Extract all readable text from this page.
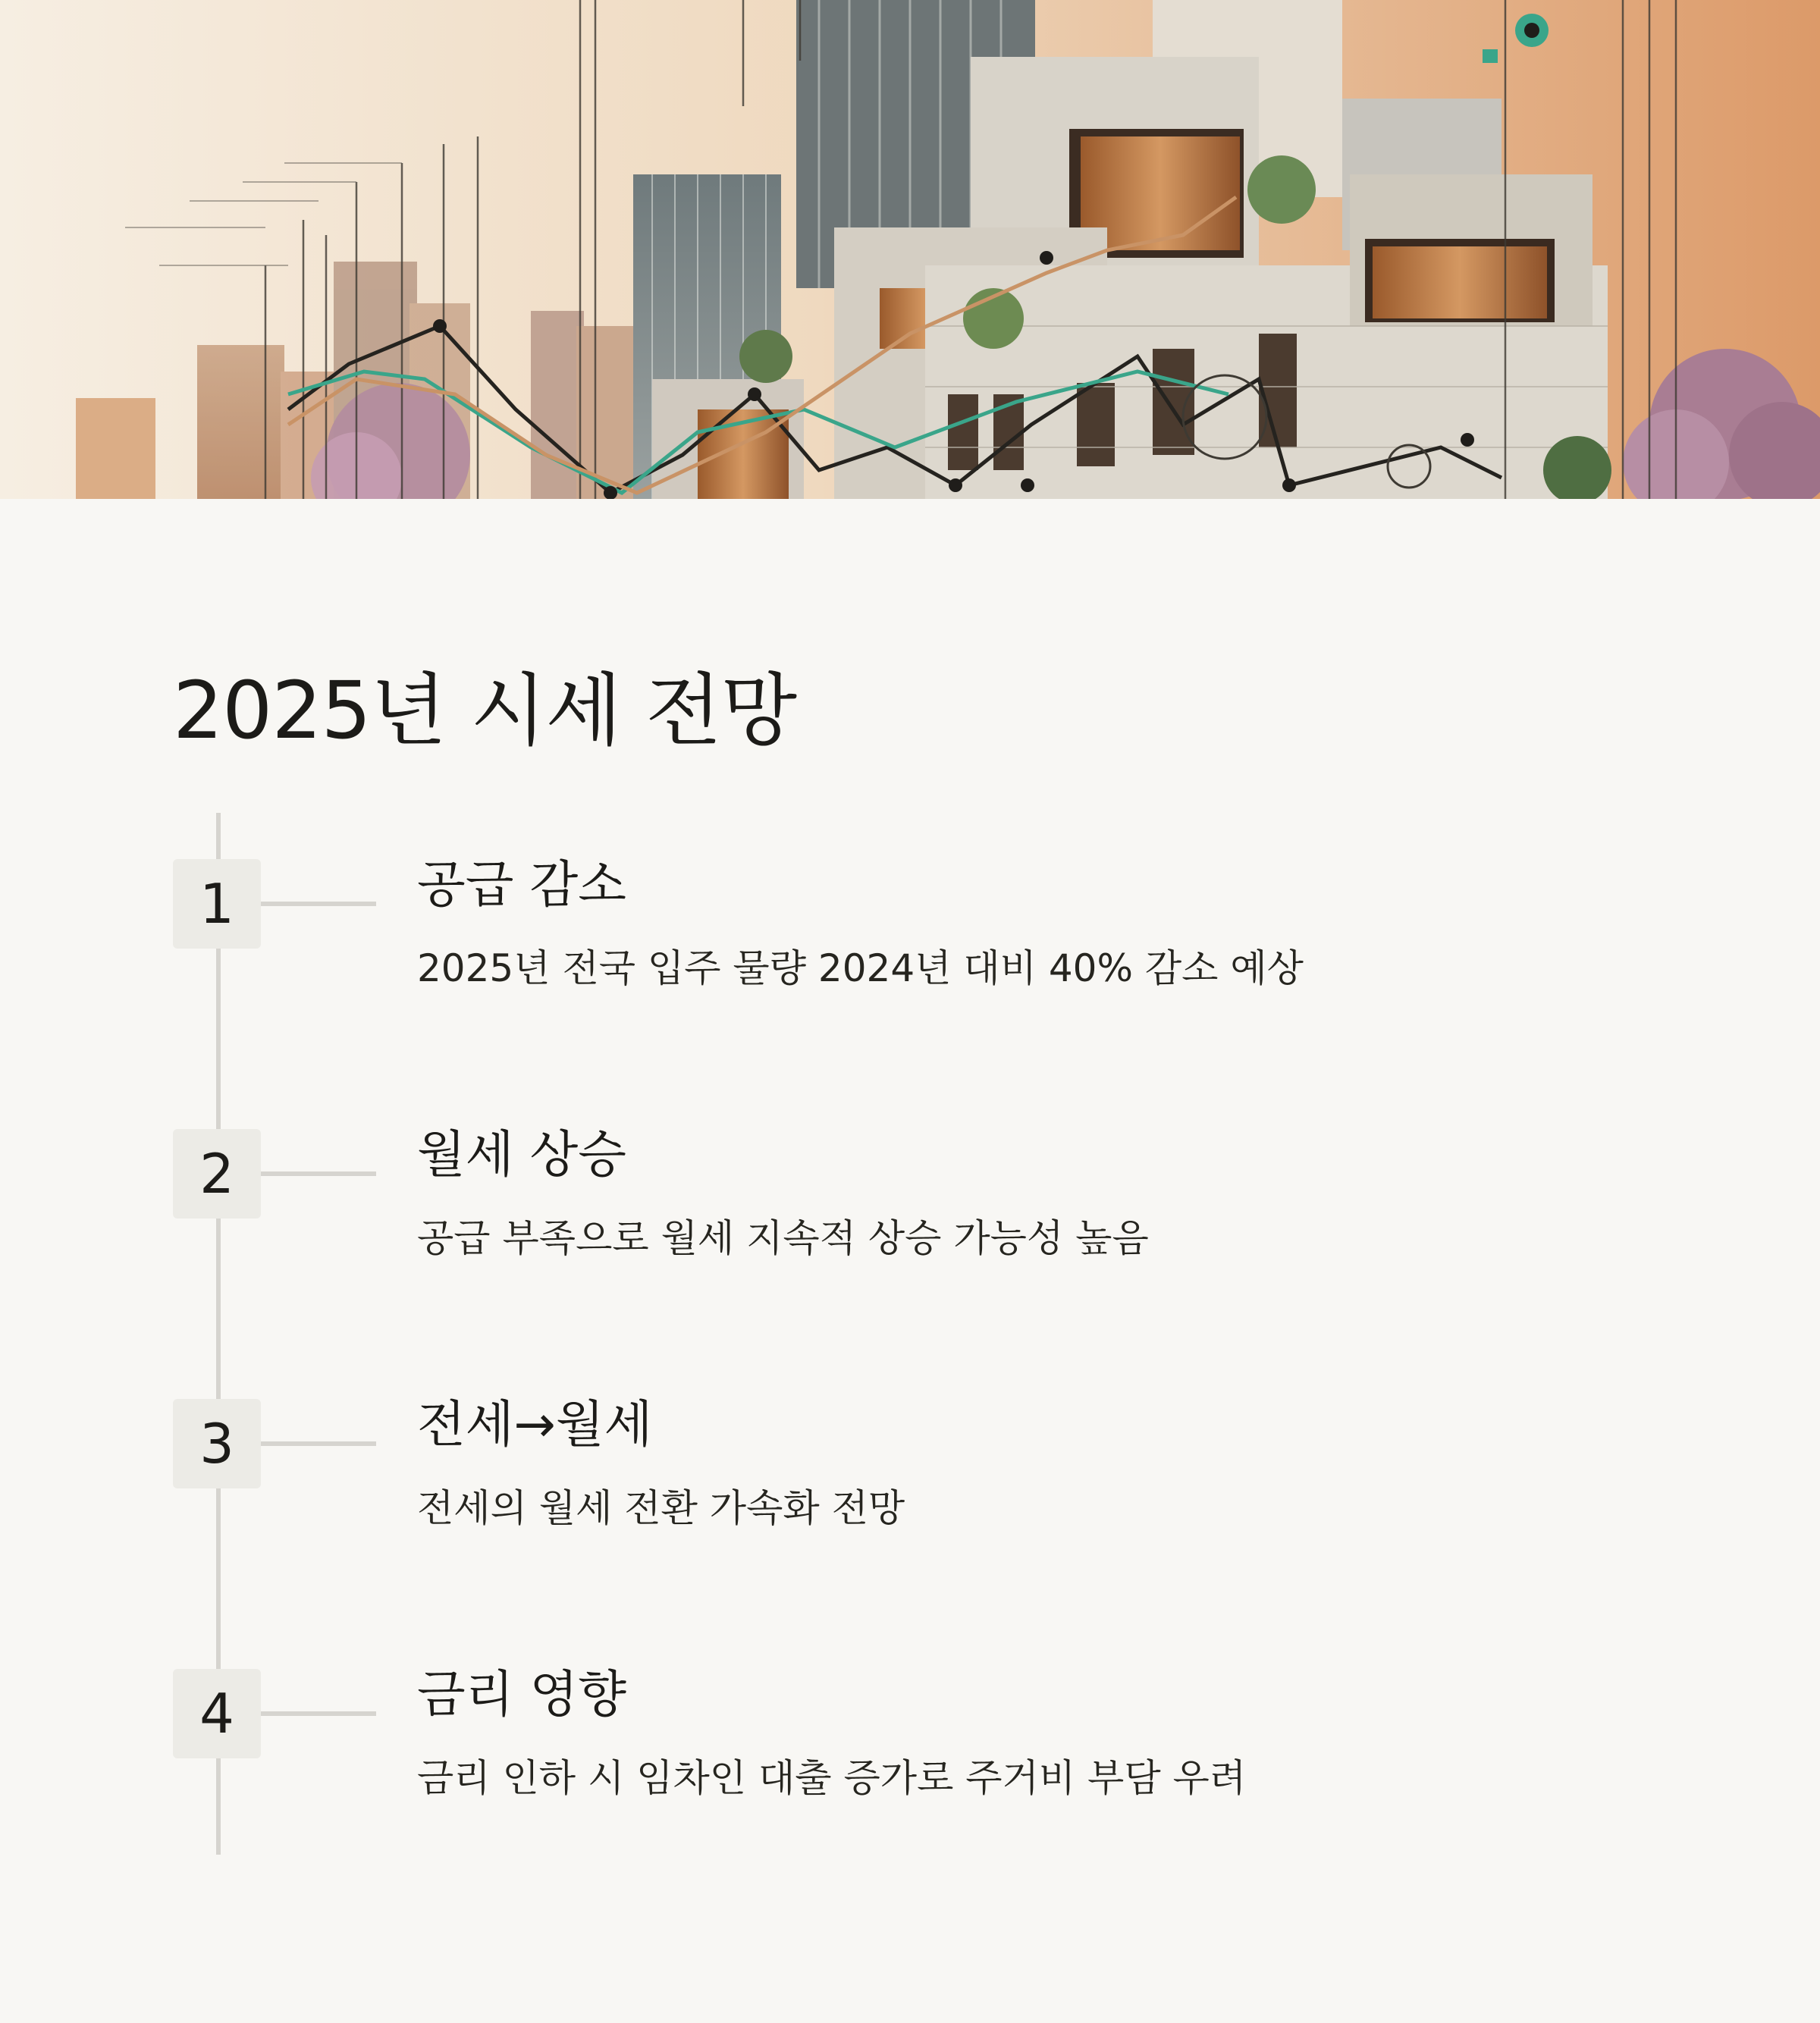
2025년 시세 전망
1	공급 감소
2025년 전국 입주 물량 2024년 대비 40% 감소 예상
2	월세 상승
공급 부족으로 월세 지속적 상승 가능성 높음
3	전세→월세
전세의 월세 전환 가속화 전망
4	금리 영향
금리 인하 시 임차인 대출 증가로 주거비 부담 우려
